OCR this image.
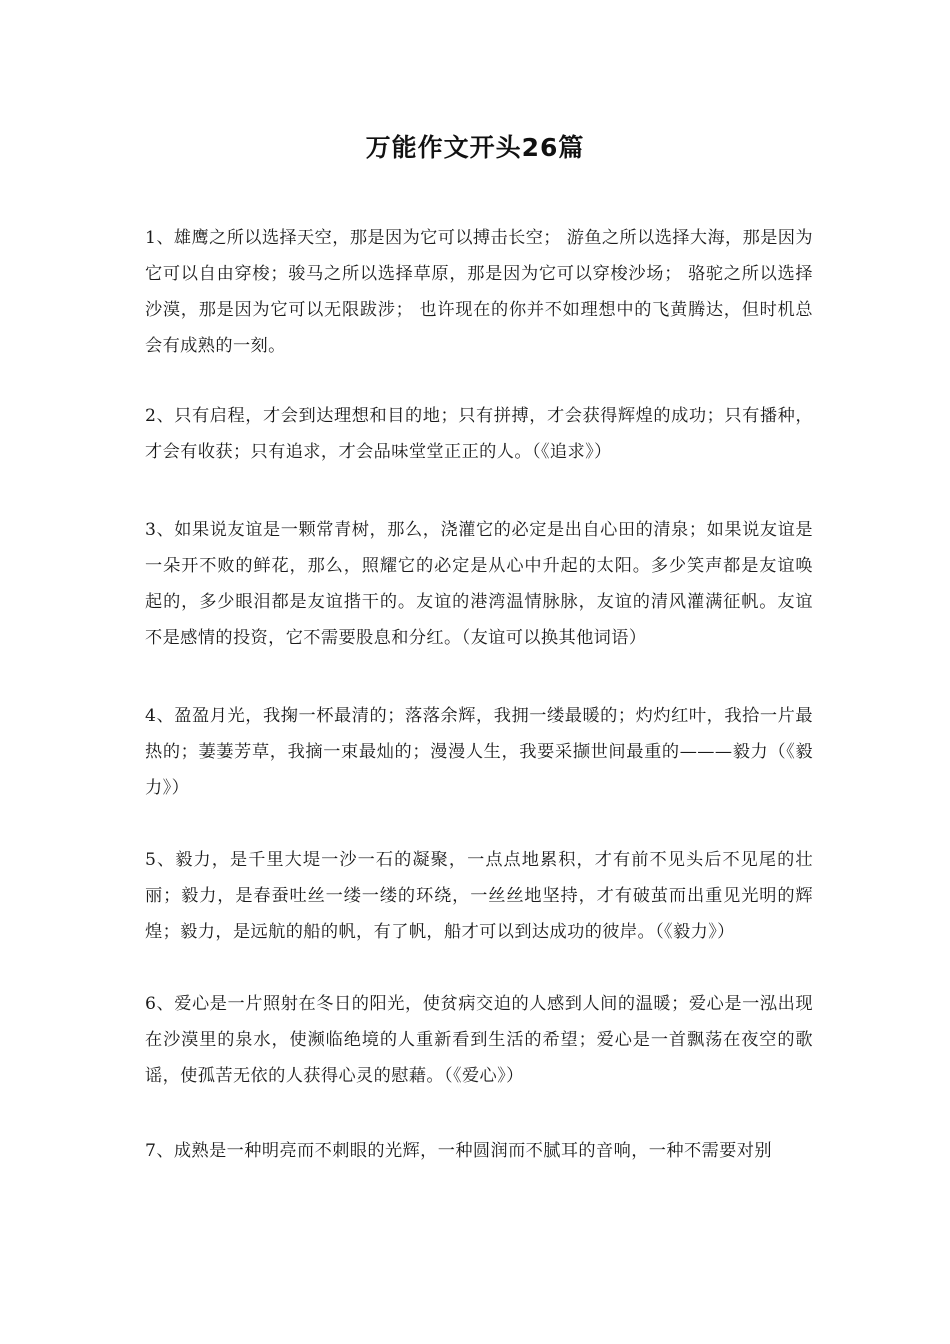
万能作文开头26篇

1、雄鹰之所以选择天空，那是因为它可以搏击长空； 游鱼之所以选择大海，那是因为它可以自由穿梭；骏马之所以选择草原，那是因为它可以穿梭沙场； 骆驼之所以选择沙漠，那是因为它可以无限跋涉； 也许现在的你并不如理想中的飞黄腾达，但时机总会有成熟的一刻。

2、只有启程，才会到达理想和目的地；只有拼搏，才会获得辉煌的成功；只有播种，才会有收获；只有追求，才会品味堂堂正正的人。（《追求》）

3、如果说友谊是一颗常青树，那么，浇灌它的必定是出自心田的清泉；如果说友谊是一朵开不败的鲜花，那么，照耀它的必定是从心中升起的太阳。多少笑声都是友谊唤起的，多少眼泪都是友谊揩干的。友谊的港湾温情脉脉，友谊的清风灌满征帆。友谊不是感情的投资，它不需要股息和分红。（友谊可以换其他词语）

4、盈盈月光，我掬一杯最清的；落落余辉，我拥一缕最暖的；灼灼红叶，我拾一片最热的；萋萋芳草，我摘一束最灿的；漫漫人生，我要采撷世间最重的———毅力（《毅力》）

5、毅力，是千里大堤一沙一石的凝聚，一点点地累积，才有前不见头后不见尾的壮丽；毅力，是春蚕吐丝一缕一缕的环绕，一丝丝地坚持，才有破茧而出重见光明的辉煌；毅力，是远航的船的帆，有了帆，船才可以到达成功的彼岸。（《毅力》）

6、爱心是一片照射在冬日的阳光，使贫病交迫的人感到人间的温暖；爱心是一泓出现在沙漠里的泉水，使濒临绝境的人重新看到生活的希望；爱心是一首飘荡在夜空的歌谣，使孤苦无依的人获得心灵的慰藉。（《爱心》）

7、成熟是一种明亮而不刺眼的光辉，一种圆润而不腻耳的音响，一种不需要对别
